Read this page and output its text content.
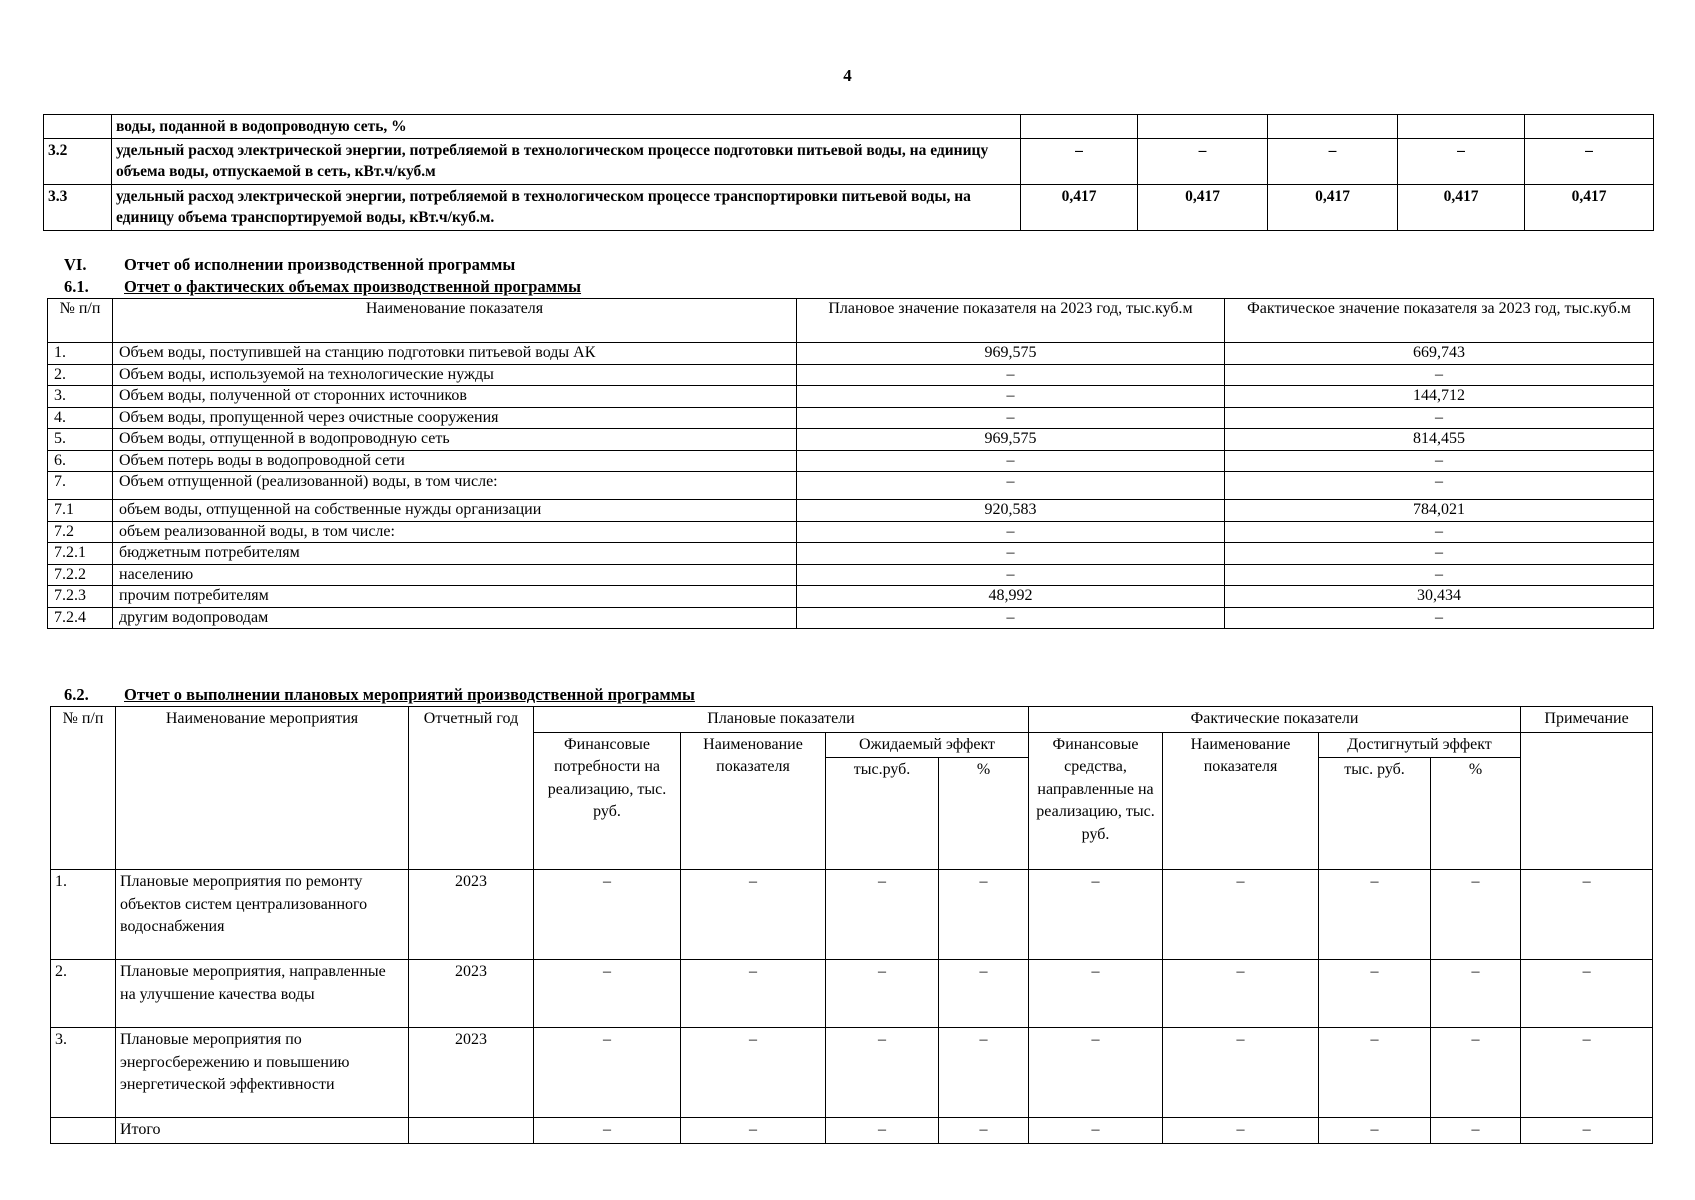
4
	воды, поданной в водопроводную сеть, %					
3.2	удельный расход электрической энергии, потребляемой в технологическом процессе подготовки питьевой воды, на единицу объема воды, отпускаемой в сеть, кВт.ч/куб.м	–	–	–	–	–
3.3	удельный расход электрической энергии, потребляемой в технологическом процессе транспортировки питьевой воды, на единицу объема транспортируемой воды, кВт.ч/куб.м.	0,417	0,417	0,417	0,417	0,417
VI. Отчет об исполнении производственной программы
6.1. Отчет о фактических объемах производственной программы
№ п/п	Наименование показателя	Плановое значение показателя на 2023 год, тыс.куб.м	Фактическое значение показателя за 2023 год, тыс.куб.м
1.	Объем воды, поступившей на станцию подготовки питьевой воды АК	969,575	669,743
2.	Объем воды, используемой на технологические нужды	–	–
3.	Объем воды, полученной от сторонних источников	–	144,712
4.	Объем воды, пропущенной через очистные сооружения	–	–
5.	Объем воды, отпущенной в водопроводную сеть	969,575	814,455
6.	Объем потерь воды в водопроводной сети	–	–
7.	Объем отпущенной (реализованной) воды, в том числе:	–	–
7.1	объем воды, отпущенной на собственные нужды организации	920,583	784,021
7.2	объем реализованной воды, в том числе:	–	–
7.2.1	бюджетным потребителям	–	–
7.2.2	населению	–	–
7.2.3	прочим потребителям	48,992	30,434
7.2.4	другим водопроводам	–	–
6.2. Отчет о выполнении плановых мероприятий производственной программы
№ п/п	Наименование мероприятия	Отчетный год	Плановые показатели				Фактические показатели				Примечание
			Финансовые потребности на реализацию, тыс. руб.	Наименование показателя	Ожидаемый эффект		Финансовые средства, направленные на реализацию, тыс. руб.	Наименование показателя	Достигнутый эффект		
					тыс.руб.	%			тыс. руб.	%	
1.	Плановые мероприятия по ремонту объектов систем централизованного водоснабжения	2023	–	–	–	–	–	–	–	–	–
2.	Плановые мероприятия, направленные на улучшение качества воды	2023	–	–	–	–	–	–	–	–	–
3.	Плановые мероприятия по энергосбережению и повышению энергетической эффективности	2023	–	–	–	–	–	–	–	–	–
	Итого		–	–	–	–	–	–	–	–	–
